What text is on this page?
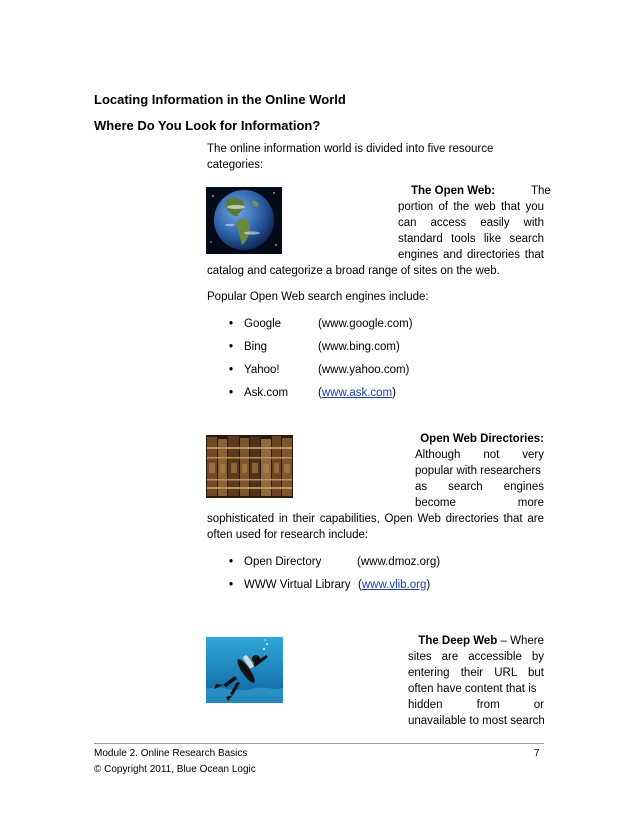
Locating Information in the Online World
Where Do You Look for Information?
The online information world is divided into five resource
categories:
The Open Web:	The
portion of the web that you
can access easily with
standard tools like search
engines and directories that
catalog and categorize a broad range of sites on the web.
Popular Open Web search engines include:
• Google	(www.google.com)
• Bing	(www.bing.com)
• Yahoo!	(www.yahoo.com)
• Ask.com	(www.ask.com)
Open Web Directories:
Although not very
popular with researchers
as search engines
become more
sophisticated in their capabilities, Open Web directories that are
often used for research include:
• Open Directory	(www.dmoz.org)
• WWW Virtual Library (www.vlib.org)
The Deep Web – Where
sites are accessible by
entering their URL but
often have content that is
hidden from or
unavailable to most search
Module 2. Online Research Basics	7
© Copyright 2011, Blue Ocean Logic
